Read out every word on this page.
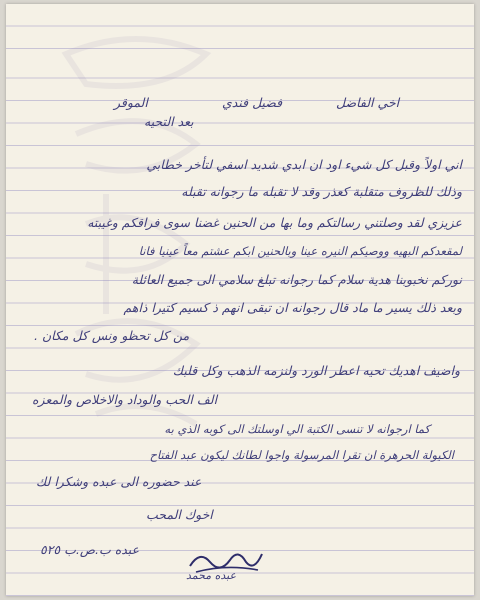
الموقر	فضيل فندي	اخي الفاضل
بعد التحيه
اني اولاً وقبل كل شيء اود ان ابدي شديد اسفي لتأخر خطابي
وذلك للظروف متقلبة كعذر وقد لا تقبله ما رجوانه تقبله
عزيزي لقد وصلتني رسالتكم وما بها من الحنين غضنا سوى فراقكم وغيبته
لمقعدكم البهيه ووصيكم النيره عينا وبالحنين ابكم عشتم معاً عينيا فانا
نوركم نخبوبنا هدية سلام كما رجوانه تبلغ سلامي الى جميع العائلة
وبعد ذلك يسير ما ماد قال رجوانه ان تبقى انهم ذ كسيم كتيرا ذاهم
من كل تحظو ونس كل مكان .
واضيف اهديك تحيه اعطر الورد ولنزمه الذهب وكل قلبك
الف الحب والوداد والاخلاص والمعزه
كما ارجوانه لا تنسى الكتبة الي اوسلتك الى كوبه الذي به
الكيولة الحرهرة ان تقرا المرسولة واجوا لطانك ليكون عبد الفتاح
عند حضوره الى عبده وشكرا لك
اخوك المحب
عبده ب.ص.ب ٥٢٥
عبده محمد
